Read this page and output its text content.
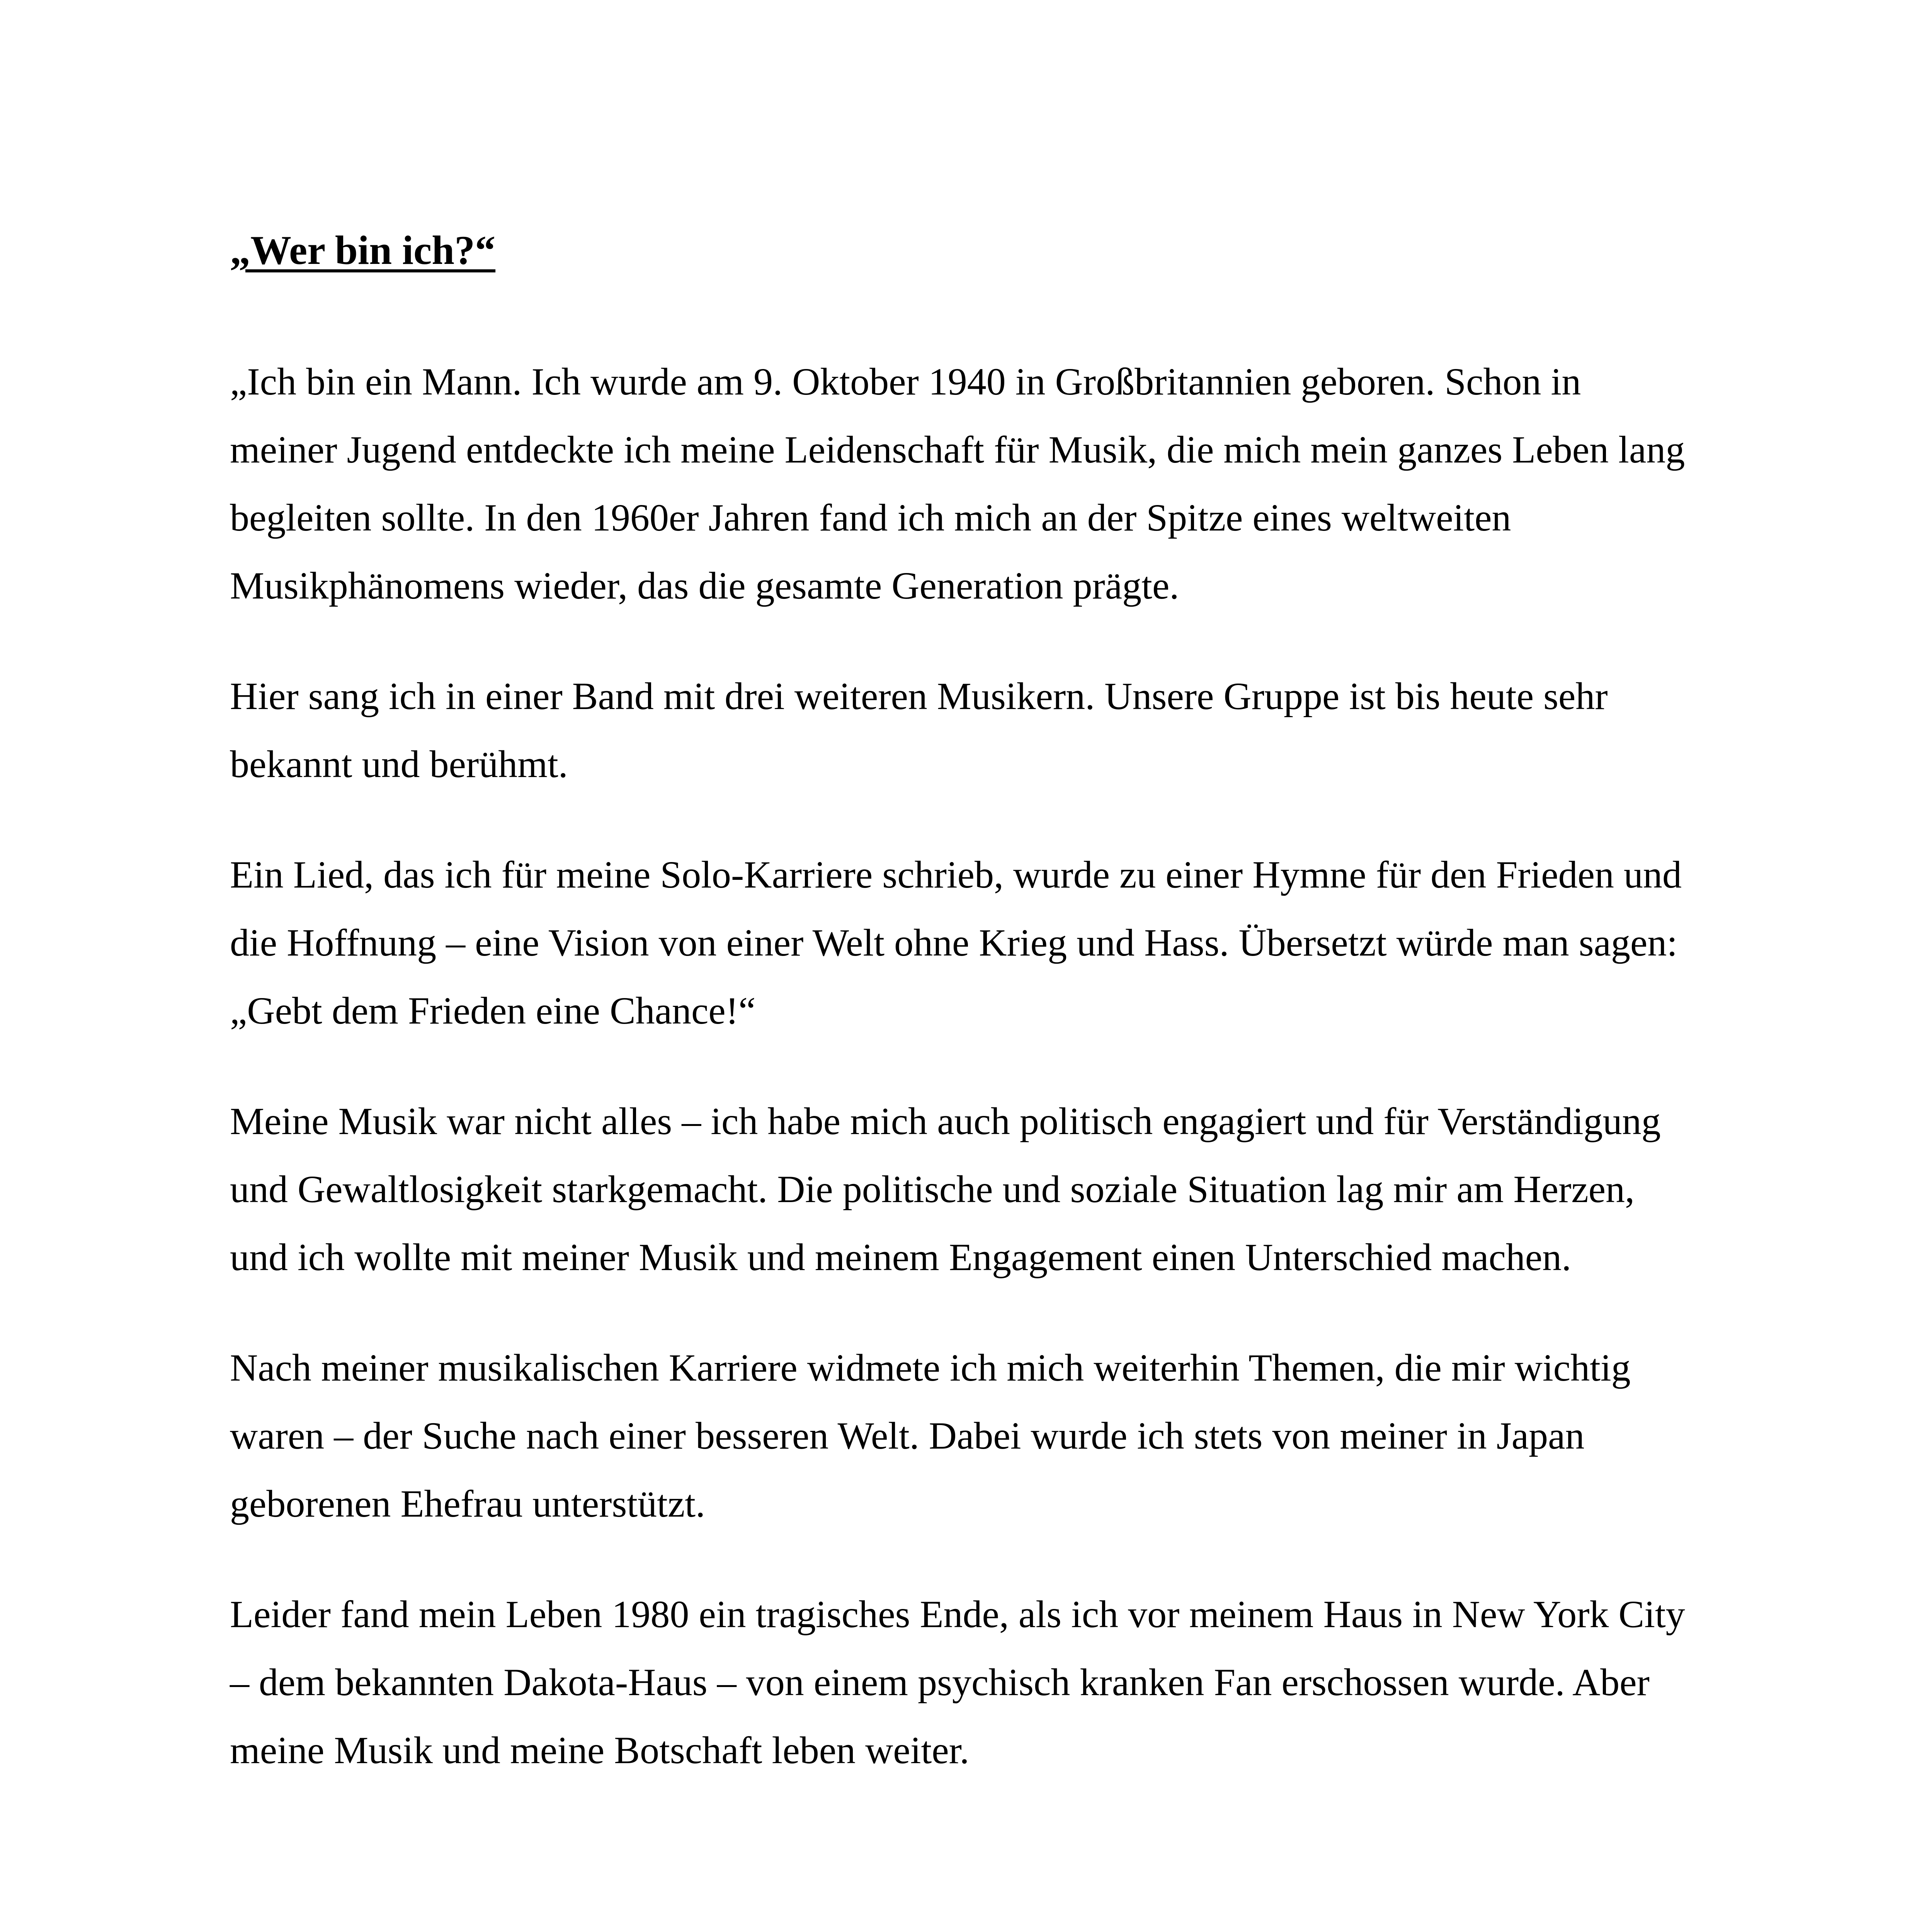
„Wer bin ich?“

„Ich bin ein Mann. Ich wurde am 9. Oktober 1940 in Großbritannien geboren. Schon in
meiner Jugend entdeckte ich meine Leidenschaft für Musik, die mich mein ganzes Leben lang
begleiten sollte. In den 1960er Jahren fand ich mich an der Spitze eines weltweiten
Musikphänomens wieder, das die gesamte Generation prägte.

Hier sang ich in einer Band mit drei weiteren Musikern. Unsere Gruppe ist bis heute sehr
bekannt und berühmt.

Ein Lied, das ich für meine Solo-Karriere schrieb, wurde zu einer Hymne für den Frieden und
die Hoffnung – eine Vision von einer Welt ohne Krieg und Hass. Übersetzt würde man sagen:
„Gebt dem Frieden eine Chance!“

Meine Musik war nicht alles – ich habe mich auch politisch engagiert und für Verständigung
und Gewaltlosigkeit starkgemacht. Die politische und soziale Situation lag mir am Herzen,
und ich wollte mit meiner Musik und meinem Engagement einen Unterschied machen.

Nach meiner musikalischen Karriere widmete ich mich weiterhin Themen, die mir wichtig
waren – der Suche nach einer besseren Welt. Dabei wurde ich stets von meiner in Japan
geborenen Ehefrau unterstützt.

Leider fand mein Leben 1980 ein tragisches Ende, als ich vor meinem Haus in New York City
– dem bekannten Dakota-Haus – von einem psychisch kranken Fan erschossen wurde. Aber
meine Musik und meine Botschaft leben weiter.
